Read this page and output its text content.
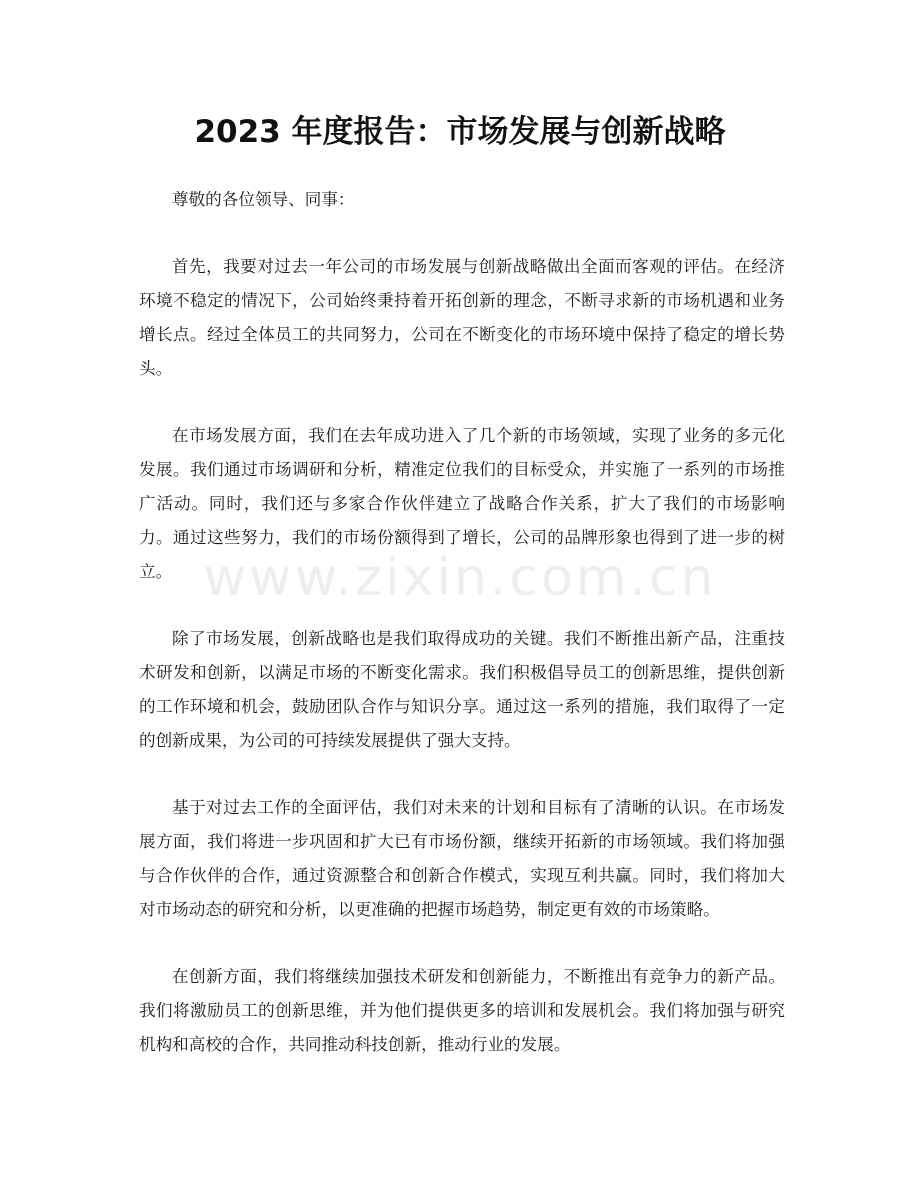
2023 年度报告：市场发展与创新战略
www.zixin.com.cn

尊敬的各位领导、同事：

首先，我要对过去一年公司的市场发展与创新战略做出全面而客观的评估。在经济环境不稳定的情况下，公司始终秉持着开拓创新的理念，不断寻求新的市场机遇和业务增长点。经过全体员工的共同努力，公司在不断变化的市场环境中保持了稳定的增长势头。

在市场发展方面，我们在去年成功进入了几个新的市场领域，实现了业务的多元化发展。我们通过市场调研和分析，精准定位我们的目标受众，并实施了一系列的市场推广活动。同时，我们还与多家合作伙伴建立了战略合作关系，扩大了我们的市场影响力。通过这些努力，我们的市场份额得到了增长，公司的品牌形象也得到了进一步的树立。

除了市场发展，创新战略也是我们取得成功的关键。我们不断推出新产品，注重技术研发和创新，以满足市场的不断变化需求。我们积极倡导员工的创新思维，提供创新的工作环境和机会，鼓励团队合作与知识分享。通过这一系列的措施，我们取得了一定的创新成果，为公司的可持续发展提供了强大支持。

基于对过去工作的全面评估，我们对未来的计划和目标有了清晰的认识。在市场发展方面，我们将进一步巩固和扩大已有市场份额，继续开拓新的市场领域。我们将加强与合作伙伴的合作，通过资源整合和创新合作模式，实现互利共赢。同时，我们将加大对市场动态的研究和分析，以更准确的把握市场趋势，制定更有效的市场策略。

在创新方面，我们将继续加强技术研发和创新能力，不断推出有竞争力的新产品。我们将激励员工的创新思维，并为他们提供更多的培训和发展机会。我们将加强与研究机构和高校的合作，共同推动科技创新，推动行业的发展。
